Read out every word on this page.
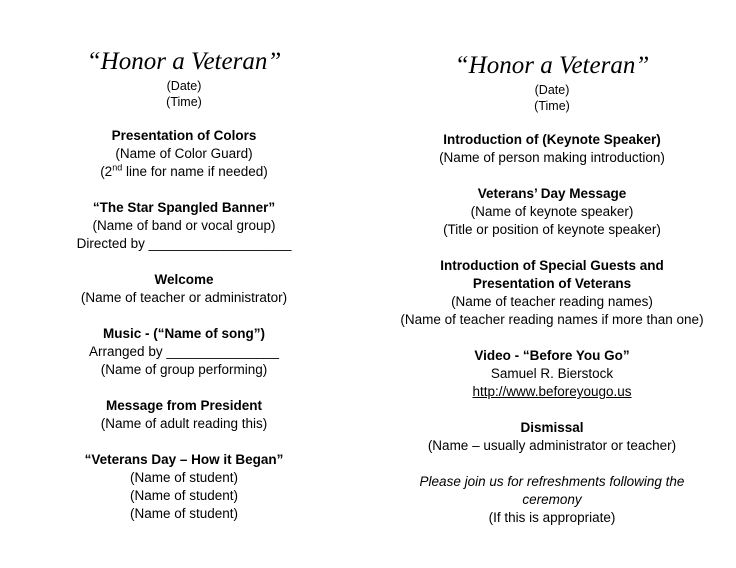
“Honor a Veteran”
(Date)
(Time)
Presentation of Colors
(Name of Color Guard)
(2nd line for name if needed)
“The Star Spangled Banner”
(Name of band or vocal group)
Directed by ___________________
Welcome
(Name of teacher or administrator)
Music - (“Name of song”)
Arranged by _______________
(Name of group performing)
Message from President
(Name of adult reading this)
“Veterans Day – How it Began”
(Name of student)
(Name of student)
(Name of student)
“Honor a Veteran”
(Date)
(Time)
Introduction of (Keynote Speaker)
(Name of person making introduction)
Veterans’ Day Message
(Name of keynote speaker)
(Title or position of keynote speaker)
Introduction of Special Guests and
Presentation of Veterans
(Name of teacher reading names)
(Name of teacher reading names if more than one)
Video - “Before You Go”
Samuel R. Bierstock
http://www.beforeyougo.us
Dismissal
(Name – usually administrator or teacher)
Please join us for refreshments following the
ceremony
(If this is appropriate)
